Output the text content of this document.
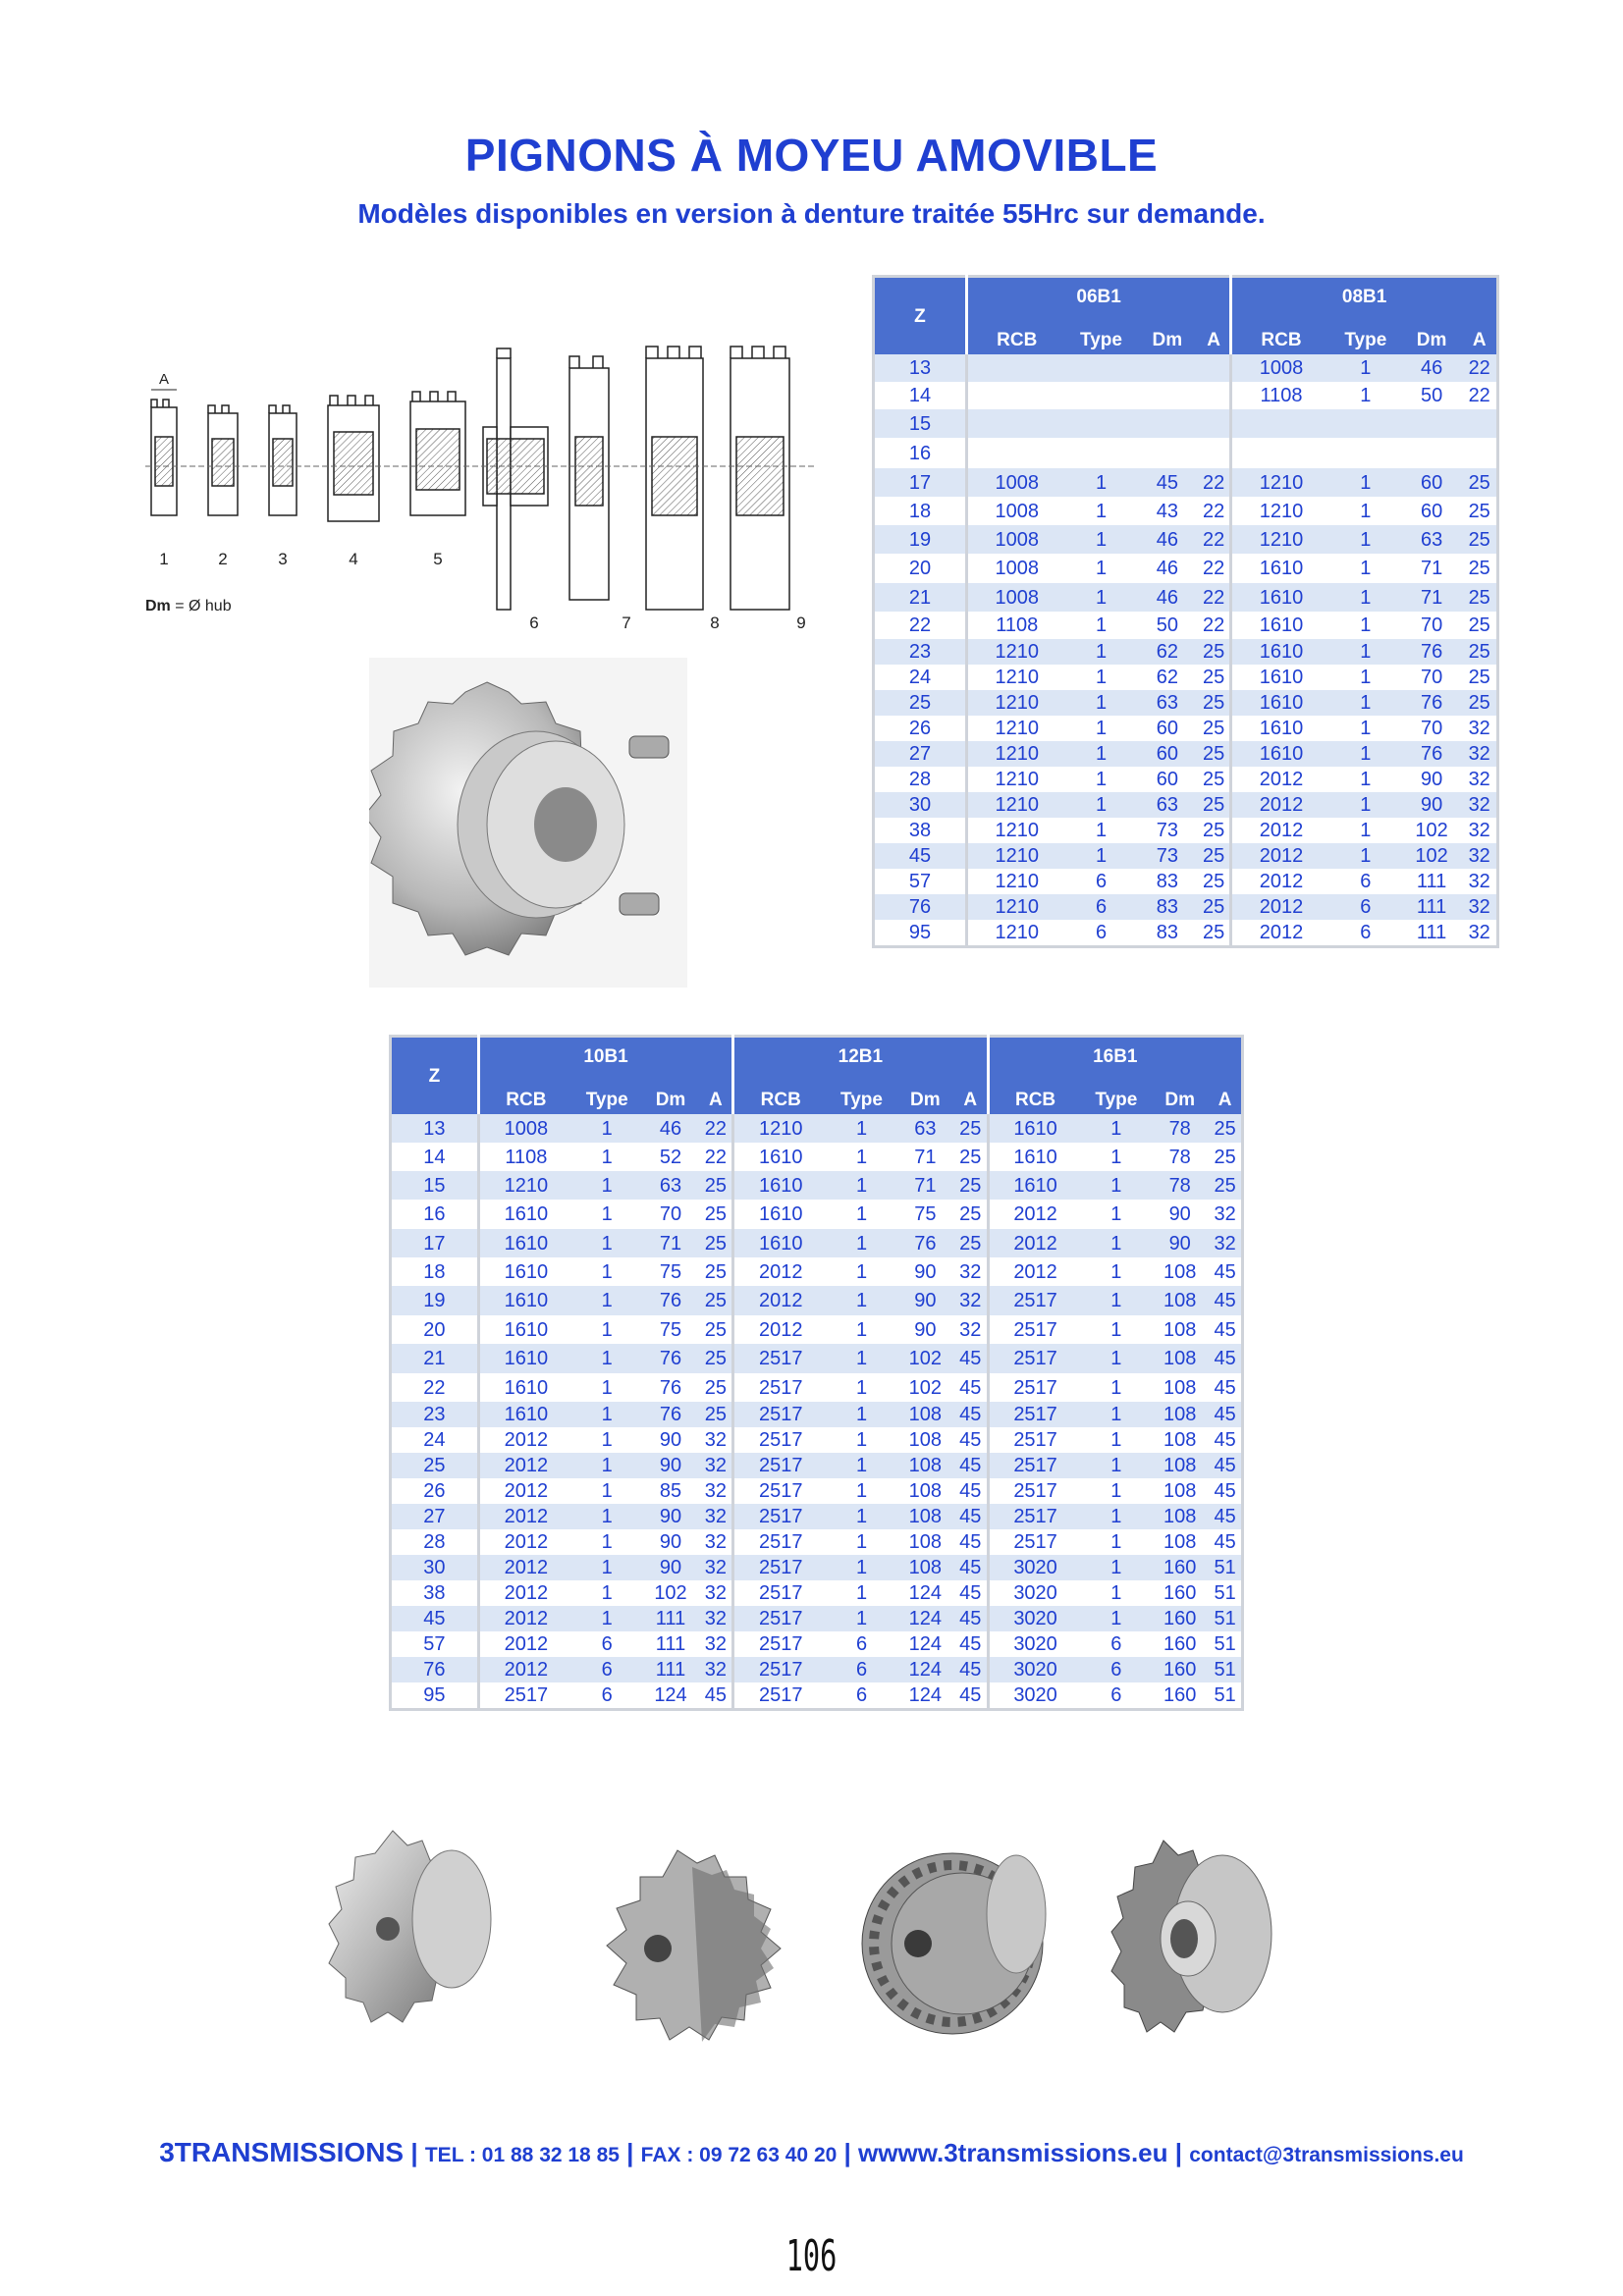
PIGNONS À MOYEU AMOVIBLE
Modèles disponibles en version à denture traitée 55Hrc sur demande.
A
1	2	3	4	5
6	7	8	9
Dm = Ø hub
Z	06B1				08B1			
	RCB	Type	Dm	A	RCB	Type	Dm	A
13					1008	1	46	22
14					1108	1	50	22
15								
16								
17	1008	1	45	22	1210	1	60	25
18	1008	1	43	22	1210	1	60	25
19	1008	1	46	22	1210	1	63	25
20	1008	1	46	22	1610	1	71	25
21	1008	1	46	22	1610	1	71	25
22	1108	1	50	22	1610	1	70	25
23	1210	1	62	25	1610	1	76	25
24	1210	1	62	25	1610	1	70	25
25	1210	1	63	25	1610	1	76	25
26	1210	1	60	25	1610	1	70	32
27	1210	1	60	25	1610	1	76	32
28	1210	1	60	25	2012	1	90	32
30	1210	1	63	25	2012	1	90	32
38	1210	1	73	25	2012	1	102	32
45	1210	1	73	25	2012	1	102	32
57	1210	6	83	25	2012	6	111	32
76	1210	6	83	25	2012	6	111	32
95	1210	6	83	25	2012	6	111	32
Z	10B1				12B1				16B1			
	RCB	Type	Dm	A	RCB	Type	Dm	A	RCB	Type	Dm	A
13	1008	1	46	22	1210	1	63	25	1610	1	78	25
14	1108	1	52	22	1610	1	71	25	1610	1	78	25
15	1210	1	63	25	1610	1	71	25	1610	1	78	25
16	1610	1	70	25	1610	1	75	25	2012	1	90	32
17	1610	1	71	25	1610	1	76	25	2012	1	90	32
18	1610	1	75	25	2012	1	90	32	2012	1	108	45
19	1610	1	76	25	2012	1	90	32	2517	1	108	45
20	1610	1	75	25	2012	1	90	32	2517	1	108	45
21	1610	1	76	25	2517	1	102	45	2517	1	108	45
22	1610	1	76	25	2517	1	102	45	2517	1	108	45
23	1610	1	76	25	2517	1	108	45	2517	1	108	45
24	2012	1	90	32	2517	1	108	45	2517	1	108	45
25	2012	1	90	32	2517	1	108	45	2517	1	108	45
26	2012	1	85	32	2517	1	108	45	2517	1	108	45
27	2012	1	90	32	2517	1	108	45	2517	1	108	45
28	2012	1	90	32	2517	1	108	45	2517	1	108	45
30	2012	1	90	32	2517	1	108	45	3020	1	160	51
38	2012	1	102	32	2517	1	124	45	3020	1	160	51
45	2012	1	111	32	2517	1	124	45	3020	1	160	51
57	2012	6	111	32	2517	6	124	45	3020	6	160	51
76	2012	6	111	32	2517	6	124	45	3020	6	160	51
95	2517	6	124	45	2517	6	124	45	3020	6	160	51
3TRANSMISSIONS | TEL : 01 88 32 18 85 | FAX : 09 72 63 40 20 | wwww.3transmissions.eu | contact@3transmissions.eu
106
